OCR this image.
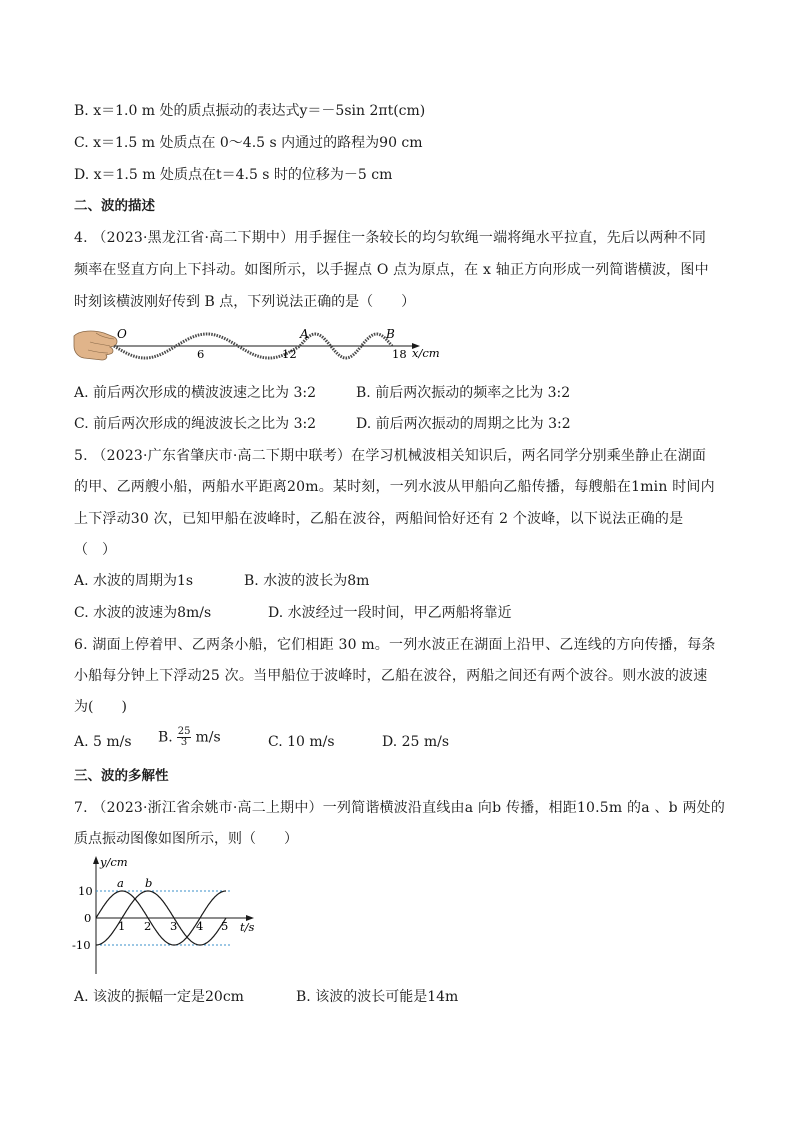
B. x＝1.0 m 处的质点振动的表达式y＝－5sin 2πt(cm)
C. x＝1.5 m 处质点在 0～4.5 s 内通过的路程为90 cm
D. x＝1.5 m 处质点在t＝4.5 s 时的位移为－5 cm
二、波的描述
4. （2023·黑龙江省·高二下期中）用手握住一条较长的均匀软绳一端将绳水平拉直，先后以两种不同
频率在竖直方向上下抖动。如图所示，以手握点 O 点为原点，在 x 轴正方向形成一列简谐横波，图中
时刻该横波刚好传到 B 点，下列说法正确的是（　　）
O	A	B
6	12	18 x/cm
A. 前后两次形成的横波波速之比为 3:2	B. 前后两次振动的频率之比为 3:2
C. 前后两次形成的绳波波长之比为 3:2	D. 前后两次振动的周期之比为 3:2
5. （2023·广东省肇庆市·高二下期中联考）在学习机械波相关知识后，两名同学分别乘坐静止在湖面
的甲、乙两艘小船，两船水平距离20m。某时刻，一列水波从甲船向乙船传播，每艘船在1min 时间内
上下浮动30 次，已知甲船在波峰时，乙船在波谷，两船间恰好还有 2 个波峰，以下说法正确的是
（　）
A. 水波的周期为1s	B. 水波的波长为8m
C. 水波的波速为8m/s	D. 水波经过一段时间，甲乙两船将靠近
6. 湖面上停着甲、乙两条小船，它们相距 30 m。一列水波正在湖面上沿甲、乙连线的方向传播，每条
小船每分钟上下浮动25 次。当甲船位于波峰时，乙船在波谷，两船之间还有两个波谷。则水波的波速
为(　　)
A. 5 m/s B. $\frac{25}{3} m/s$	C. 10 m/s	D. 25 m/s
三、波的多解性
7. （2023·浙江省余姚市·高二上期中）一列简谐横波沿直线由a 向b 传播，相距10.5m 的a 、b 两处的
质点振动图像如图所示，则（　　）
y/cm
t/s
10
0
-10
1 2 3 4 5
a b
A. 该波的振幅一定是20cm	B. 该波的波长可能是14m
